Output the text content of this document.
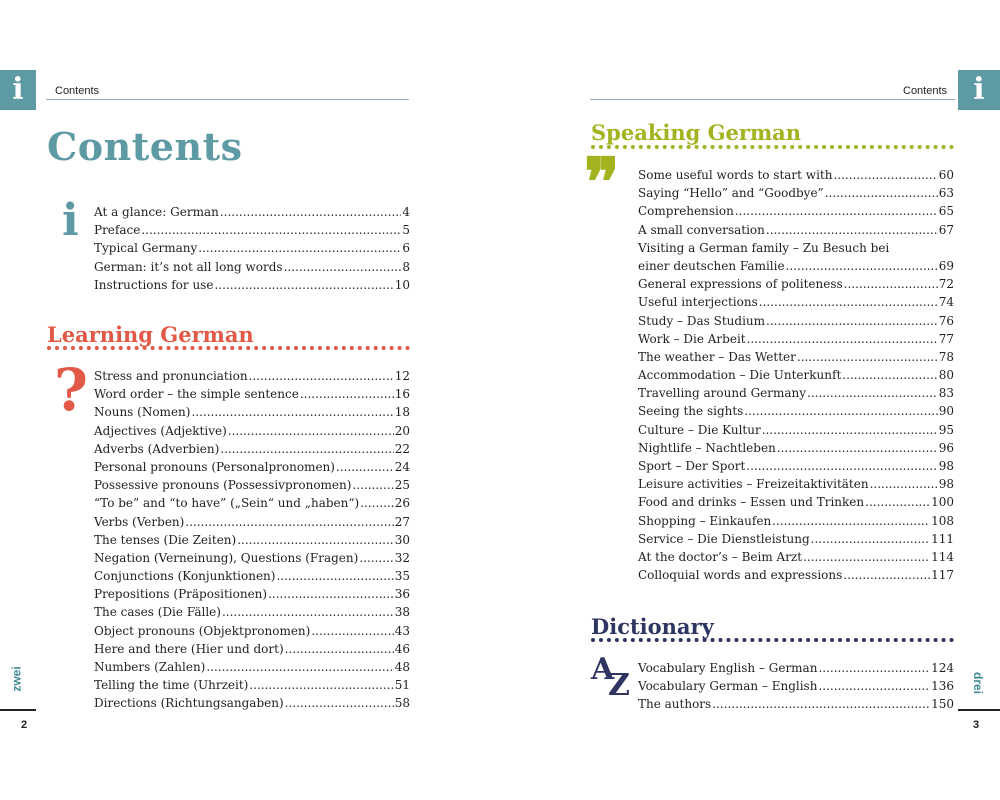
i	Contents
Contents
i At a glance: German .....	4
Preface .....	5
Typical Germany .....	6
German: it’s not all long words .....	8
Instructions for use .....	10
Learning German
? Stress and pronunciation .....	12
Word order – the simple sentence .....	16
Nouns (Nomen) .....	18
Adjectives (Adjektive) .....	20
Adverbs (Adverbien) .....	22
Personal pronouns (Personalpronomen) .....	24
Possessive pronouns (Possessivpronomen) .....	25
“To be” and “to have” („Sein“ und „haben“) .....	26
Verbs (Verben) .....	27
The tenses (Die Zeiten) .....	30
Negation (Verneinung), Questions (Fragen) .....	32
Conjunctions (Konjunktionen) .....	35
Prepositions (Präpositionen) .....	36
The cases (Die Fälle) .....	38
Object pronouns (Objektpronomen) .....	43
Here and there (Hier und dort) .....	46
Numbers (Zahlen) .....	48
Telling the time (Uhrzeit) .....	51
Directions (Richtungsangaben) .....	58
zwei
2
Contents i
Speaking German
❞ Some useful words to start with .....	60
Saying “Hello” and “Goodbye” .....	63
Comprehension .....	65
A small conversation .....	67
Visiting a German family – Zu Besuch bei
einer deutschen Familie .....	69
General expressions of politeness .....	72
Useful interjections .....	74
Study – Das Studium .....	76
Work – Die Arbeit .....	77
The weather – Das Wetter .....	78
Accommodation – Die Unterkunft .....	80
Travelling around Germany .....	83
Seeing the sights .....	90
Culture – Die Kultur .....	95
Nightlife – Nachtleben .....	96
Sport – Der Sport .....	98
Leisure activities – Freizeitaktivitäten .....	98
Food and drinks – Essen und Trinken .....	100
Shopping – Einkaufen .....	108
Service – Die Dienstleistung .....	111
At the doctor’s – Beim Arzt .....	114
Colloquial words and expressions .....	117
Dictionary
A
Z Vocabulary English – German .....	124
Vocabulary German – English .....	136
The authors .....	150
drei
3
